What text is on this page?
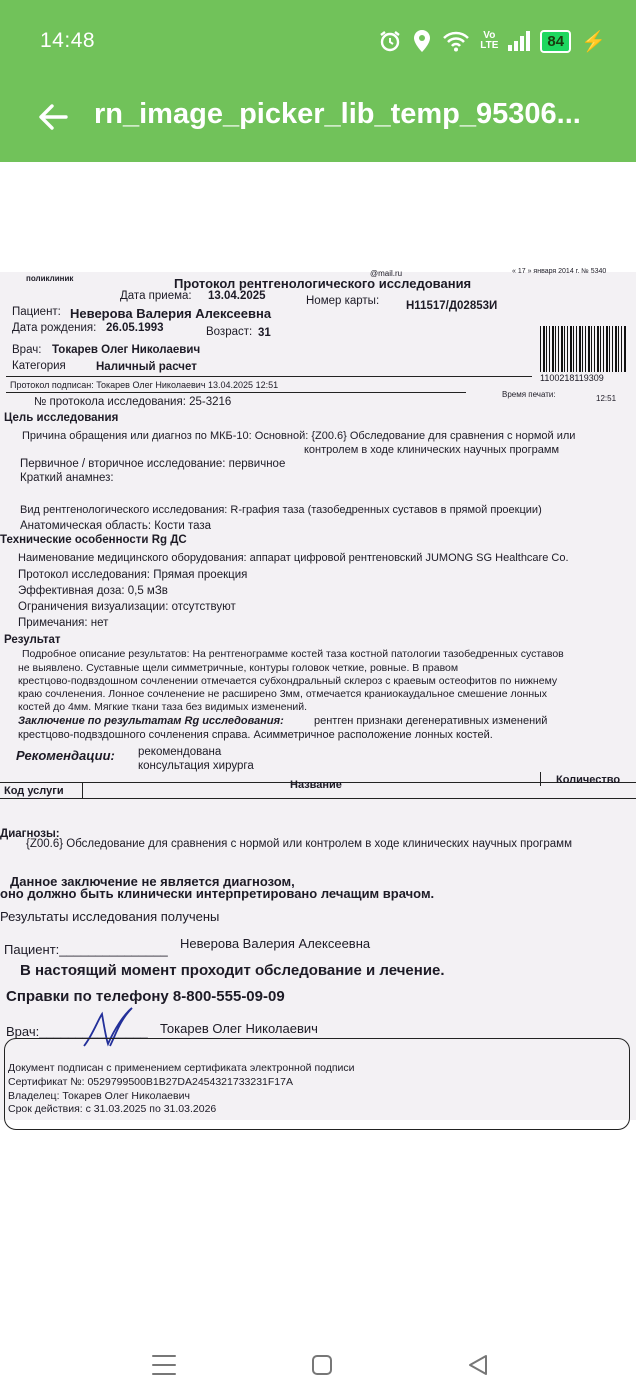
14:48	Vo
LTE	84 ⚡
rn_image_picker_lib_temp_95306...
поликлиник
@mail.ru	« 17 » января 2014 г. № 5340
Протокол рентгенологического исследования
Дата приема: 13.04.2025	Номер карты: Н11517/Д02853И
Пациент: Неверова Валерия Алексеевна
Дата рождения: 26.05.1993	Возраст: 31
Врач: Токарев Олег Николаевич
Категория	Наличный расчет
1100218119309
Протокол подписан: Токарев Олег Николаевич 13.04.2025 12:51
Время печати:	12:51
№ протокола исследования: 25-3216
Цель исследования
Причина обращения или диагноз по МКБ-10: Основной: {Z00.6} Обследование для сравнения с нормой или
контролем в ходе клинических научных программ
Первичное / вторичное исследование: первичное
Краткий анамнез:
Вид рентгенологического исследования: R-графия таза (тазобедренных суставов в прямой проекции)
Анатомическая область: Кости таза
Технические особенности Rg ДС
Наименование медицинского оборудования: аппарат цифровой рентгеновский JUMONG SG Healthcare Co.
Протокол исследования: Прямая проекция
Эффективная доза: 0,5 мЗв
Ограничения визуализации: отсутствуют
Примечания: нет
Результат
Подробное описание результатов: На рентгенограмме костей таза костной патологии тазобедренных суставов
не выявлено. Суставные щели симметричные, контуры головок четкие, ровные. В правом
крестцово-подвздошном сочленении отмечается субхондральный склероз с краевым остеофитов по нижнему
краю сочленения. Лонное сочленение не расширено 3мм, отмечается краниокаудальное смешение лонных
костей до 4мм. Мягкие ткани таза без видимых изменений.
Заключение по результатам Rg исследования:	рентген признаки дегенеративных изменений
крестцово-подвздошного сочленения справа. Асимметричное расположение лонных костей.
Рекомендации: рекомендована
консультация хирурга
Код услуги	Название	Количество
Диагнозы:
{Z00.6} Обследование для сравнения с нормой или контролем в ходе клинических научных программ
Данное заключение не является диагнозом,
оно должно быть клинически интерпретировано лечащим врачом.
Результаты исследования получены
Пациент:_______________ Неверова Валерия Алексеевна
В настоящий момент проходит обследование и лечение.
Справки по телефону 8-800-555-09-09
Врач:_______________ Токарев Олег Николаевич
Документ подписан с применением сертификата электронной подписи
Сертификат №: 0529799500B1B27DA2454321733231F17A
Владелец: Токарев Олег Николаевич
Срок действия: с 31.03.2025 по 31.03.2026
